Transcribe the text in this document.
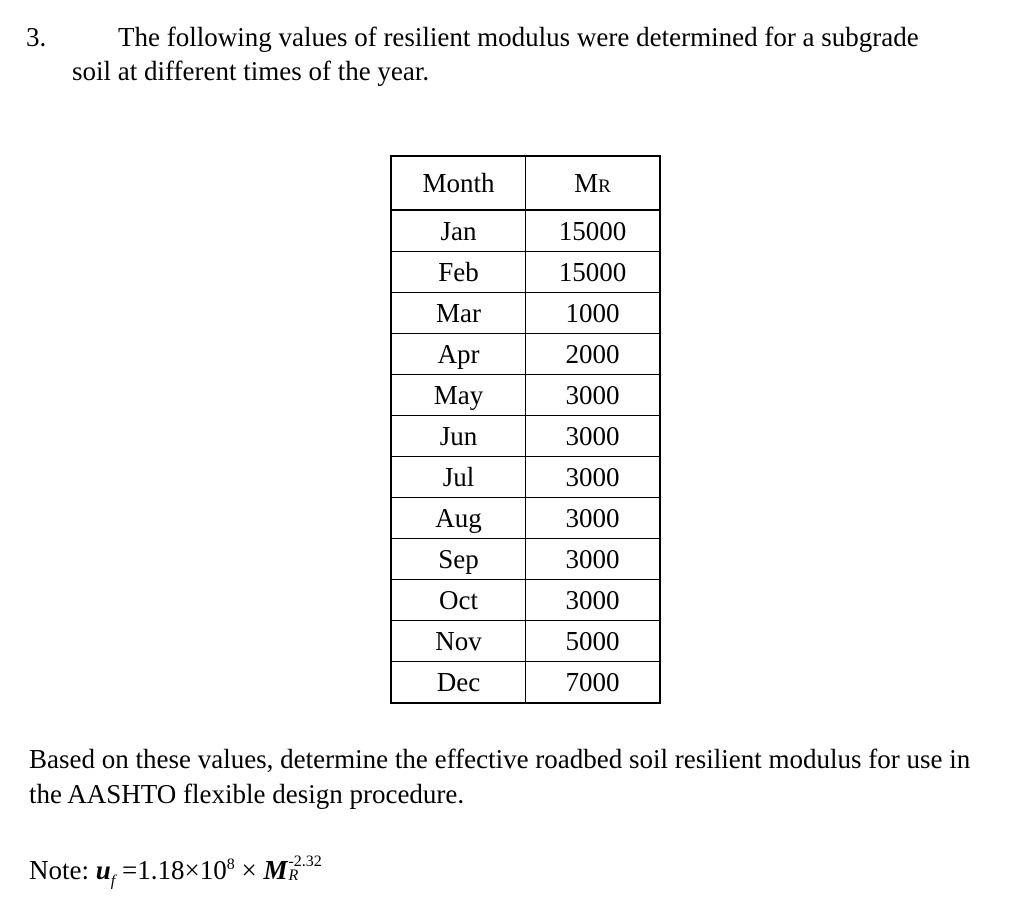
3.	The following values of resilient modulus were determined for a subgrade
soil at different times of the year.
Month	MR
Jan	15000
Feb	15000
Mar	1000
Apr	2000
May	3000
Jun	3000
Jul	3000
Aug	3000
Sep	3000
Oct	3000
Nov	5000
Dec	7000
Based on these values, determine the effective roadbed soil resilient modulus for use in the AASHTO flexible design procedure.
Note: $u_f =1.18\times 10^8 \times M$ -2.32
R
